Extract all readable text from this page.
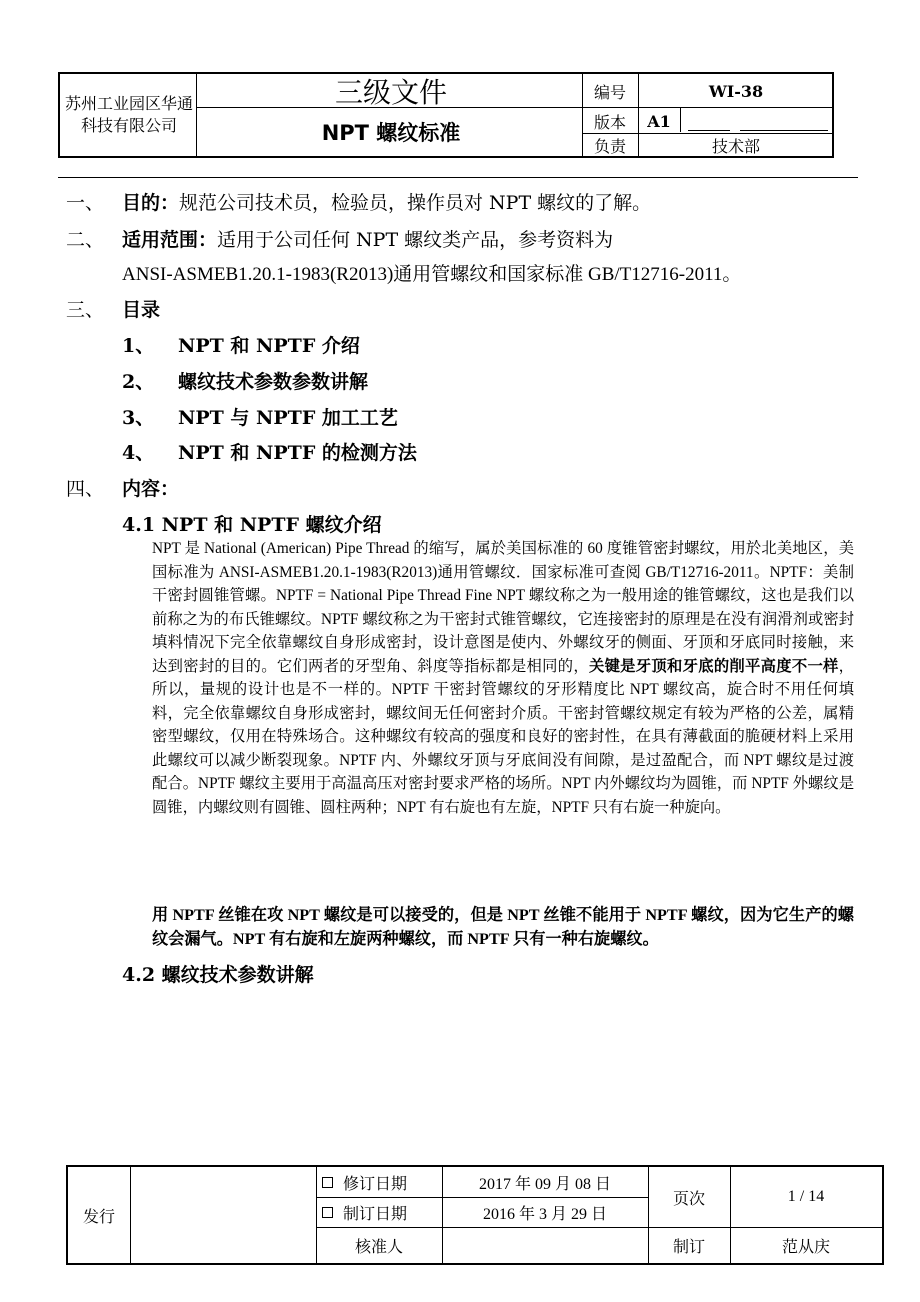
苏州工业园区华通科技有限公司
三级文件
NPT 螺纹标准
编号	WI-38
版本	A1
负责	技术部
一、 目的：规范公司技术员，检验员，操作员对 NPT 螺纹的了解。
二、 适用范围：适用于公司任何 NPT 螺纹类产品，参考资料为
ANSI-ASMEB1.20.1-1983(R2013)通用管螺纹和国家标准 GB/T12716-2011。
三、 目录
1、 NPT 和 NPTF 介绍
2、 螺纹技术参数参数讲解
3、 NPT 与 NPTF 加工工艺
4、 NPT 和 NPTF 的检测方法
四、 内容：
4.1 NPT 和 NPTF 螺纹介绍
NPT 是 National (American) Pipe Thread 的缩写，属於美国标准的 60 度锥管密封螺纹，用於北美地区，美国标准为 ANSI-ASMEB1.20.1-1983(R2013)通用管螺纹．国家标准可查阅 GB/T12716-2011。NPTF：美制干密封圆锥管螺。NPTF = National Pipe Thread Fine NPT 螺纹称之为一般用途的锥管螺纹，这也是我们以前称之为的布氏锥螺纹。NPTF 螺纹称之为干密封式锥管螺纹，它连接密封的原理是在没有润滑剂或密封填料情况下完全依靠螺纹自身形成密封，设计意图是使内、外螺纹牙的侧面、牙顶和牙底同时接触，来达到密封的目的。它们两者的牙型角、斜度等指标都是相同的，关键是牙顶和牙底的削平高度不一样，所以，量规的设计也是不一样的。NPTF 干密封管螺纹的牙形精度比 NPT 螺纹高，旋合时不用任何填料，完全依靠螺纹自身形成密封，螺纹间无任何密封介质。干密封管螺纹规定有较为严格的公差，属精密型螺纹，仅用在特殊场合。这种螺纹有较高的强度和良好的密封性，在具有薄截面的脆硬材料上采用此螺纹可以减少断裂现象。NPTF 内、外螺纹牙顶与牙底间没有间隙，是过盈配合，而 NPT 螺纹是过渡配合。NPTF 螺纹主要用于高温高压对密封要求严格的场所。NPT 内外螺纹均为圆锥，而 NPTF 外螺纹是圆锥，内螺纹则有圆锥、圆柱两种；NPT 有右旋也有左旋，NPTF 只有右旋一种旋向。
用 NPTF 丝锥在攻 NPT 螺纹是可以接受的，但是 NPT 丝锥不能用于 NPTF 螺纹，因为它生产的螺纹会漏气。NPT 有右旋和左旋两种螺纹，而 NPTF 只有一种右旋螺纹。
4.2 螺纹技术参数讲解
发行
修订日期	2017 年 09 月 08 日
制订日期	2016 年 3 月 29 日
核准人
页次	1 / 14
制订	范从庆
